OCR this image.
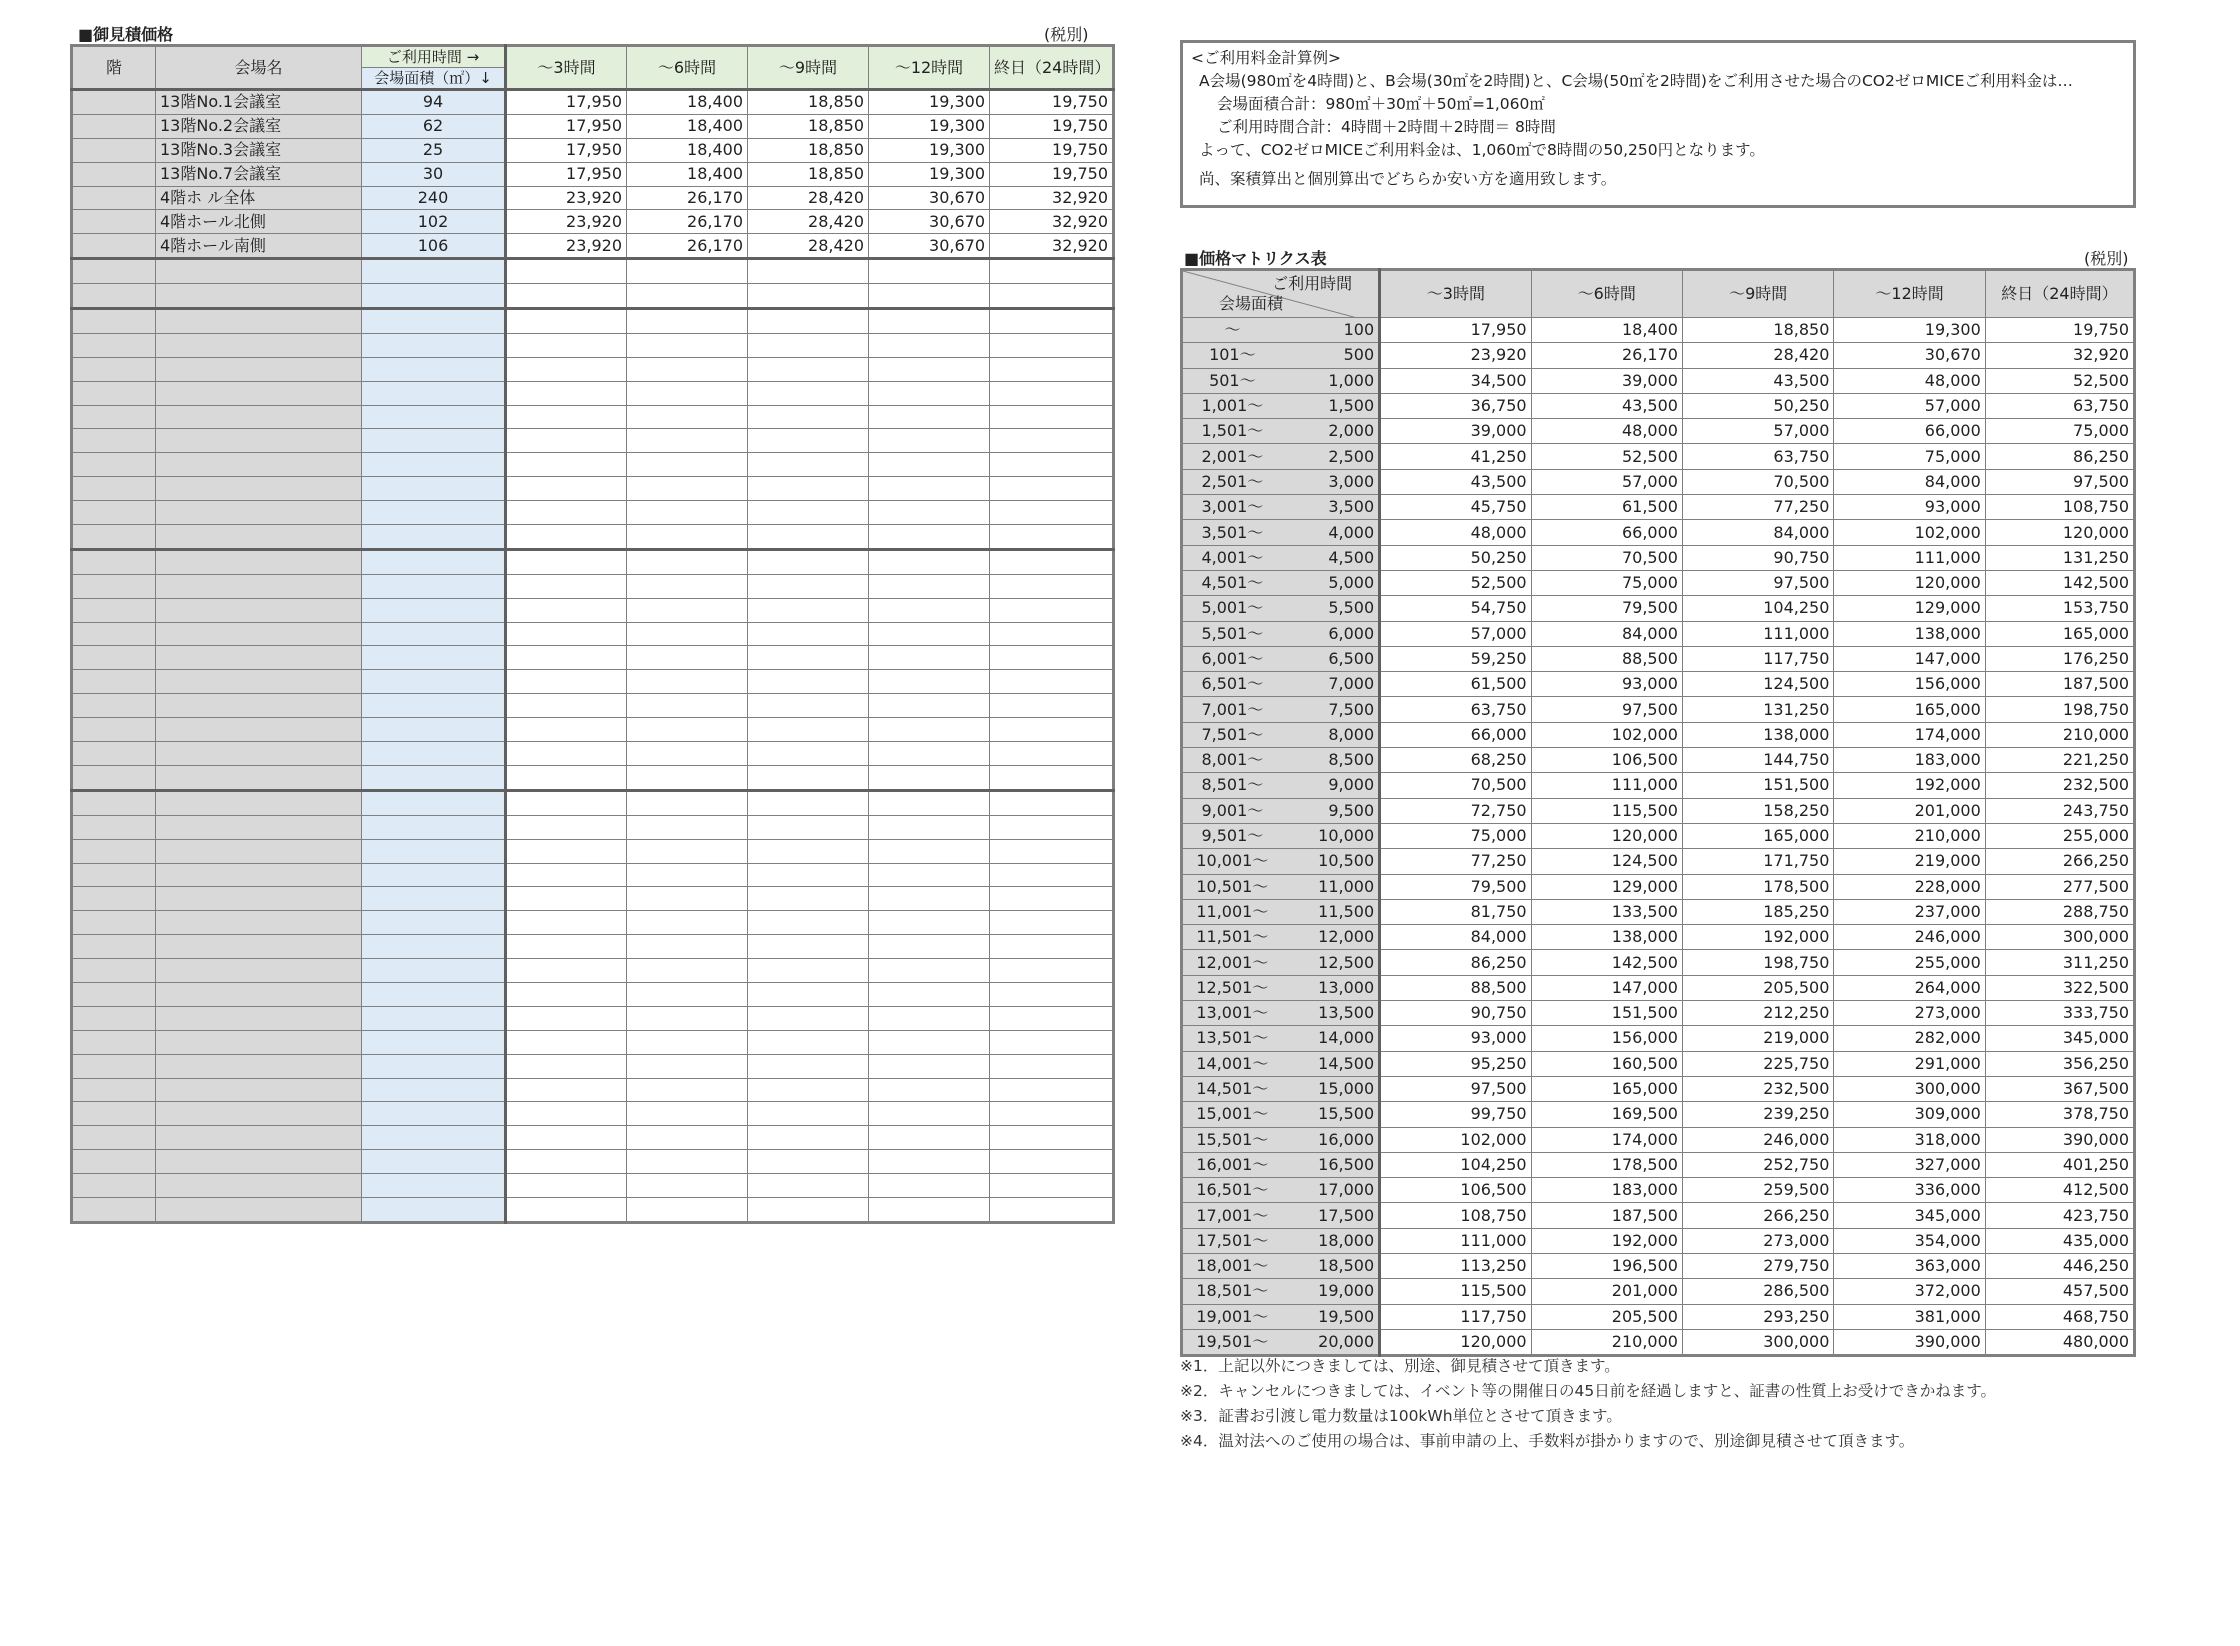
■御見積価格	(税別)
階	会場名	ご利用時間 →	～3時間	～6時間	～9時間	～12時間	終日（24時間）
		会場面積（㎡）↓					
	13階No.1会議室	94	17,950	18,400	18,850	19,300	19,750
	13階No.2会議室	62	17,950	18,400	18,850	19,300	19,750
	13階No.3会議室	25	17,950	18,400	18,850	19,300	19,750
	13階No.7会議室	30	17,950	18,400	18,850	19,300	19,750
	4階ホ ル全体	240	23,920	26,170	28,420	30,670	32,920
	4階ホール北側	102	23,920	26,170	28,420	30,670	32,920
	4階ホール南側	106	23,920	26,170	28,420	30,670	32,920

<ご利用料金計算例>
A会場(980㎡を4時間)と、B会場(30㎡を2時間)と、C会場(50㎡を2時間)をご利用させた場合のCO2ゼロMICEご利用料金は…
会場面積合計：980㎡＋30㎡＋50㎡=1,060㎡
ご利用時間合計：4時間＋2時間＋2時間＝ 8時間
よって、CO2ゼロMICEご利用料金は、1,060㎡で8時間の50,250円となります。
尚、案積算出と個別算出でどちらか安い方を適用致します。
■価格マトリクス表	(税別)
ご利用時間
会場面積		～3時間	～6時間	～9時間	～12時間	終日（24時間）
～	100	17,950	18,400	18,850	19,300	19,750
101～	500	23,920	26,170	28,420	30,670	32,920
501～	1,000	34,500	39,000	43,500	48,000	52,500
1,001～	1,500	36,750	43,500	50,250	57,000	63,750
1,501～	2,000	39,000	48,000	57,000	66,000	75,000
2,001～	2,500	41,250	52,500	63,750	75,000	86,250
2,501～	3,000	43,500	57,000	70,500	84,000	97,500
3,001～	3,500	45,750	61,500	77,250	93,000	108,750
3,501～	4,000	48,000	66,000	84,000	102,000	120,000
4,001～	4,500	50,250	70,500	90,750	111,000	131,250
4,501～	5,000	52,500	75,000	97,500	120,000	142,500
5,001～	5,500	54,750	79,500	104,250	129,000	153,750
5,501～	6,000	57,000	84,000	111,000	138,000	165,000
6,001～	6,500	59,250	88,500	117,750	147,000	176,250
6,501～	7,000	61,500	93,000	124,500	156,000	187,500
7,001～	7,500	63,750	97,500	131,250	165,000	198,750
7,501～	8,000	66,000	102,000	138,000	174,000	210,000
8,001～	8,500	68,250	106,500	144,750	183,000	221,250
8,501～	9,000	70,500	111,000	151,500	192,000	232,500
9,001～	9,500	72,750	115,500	158,250	201,000	243,750
9,501～	10,000	75,000	120,000	165,000	210,000	255,000
10,001～	10,500	77,250	124,500	171,750	219,000	266,250
10,501～	11,000	79,500	129,000	178,500	228,000	277,500
11,001～	11,500	81,750	133,500	185,250	237,000	288,750
11,501～	12,000	84,000	138,000	192,000	246,000	300,000
12,001～	12,500	86,250	142,500	198,750	255,000	311,250
12,501～	13,000	88,500	147,000	205,500	264,000	322,500
13,001～	13,500	90,750	151,500	212,250	273,000	333,750
13,501～	14,000	93,000	156,000	219,000	282,000	345,000
14,001～	14,500	95,250	160,500	225,750	291,000	356,250
14,501～	15,000	97,500	165,000	232,500	300,000	367,500
15,001～	15,500	99,750	169,500	239,250	309,000	378,750
15,501～	16,000	102,000	174,000	246,000	318,000	390,000
16,001～	16,500	104,250	178,500	252,750	327,000	401,250
16,501～	17,000	106,500	183,000	259,500	336,000	412,500
17,001～	17,500	108,750	187,500	266,250	345,000	423,750
17,501～	18,000	111,000	192,000	273,000	354,000	435,000
18,001～	18,500	113,250	196,500	279,750	363,000	446,250
18,501～	19,000	115,500	201,000	286,500	372,000	457,500
19,001～	19,500	117,750	205,500	293,250	381,000	468,750
19,501～	20,000	120,000	210,000	300,000	390,000	480,000
※1．上記以外につきましては、別途、御見積させて頂きます。
※2．キャンセルにつきましては、イベント等の開催日の45日前を経過しますと、証書の性質上お受けできかねます。
※3．証書お引渡し電力数量は100kWh単位とさせて頂きます。
※4．温対法へのご使用の場合は、事前申請の上、手数料が掛かりますので、別途御見積させて頂きます。
